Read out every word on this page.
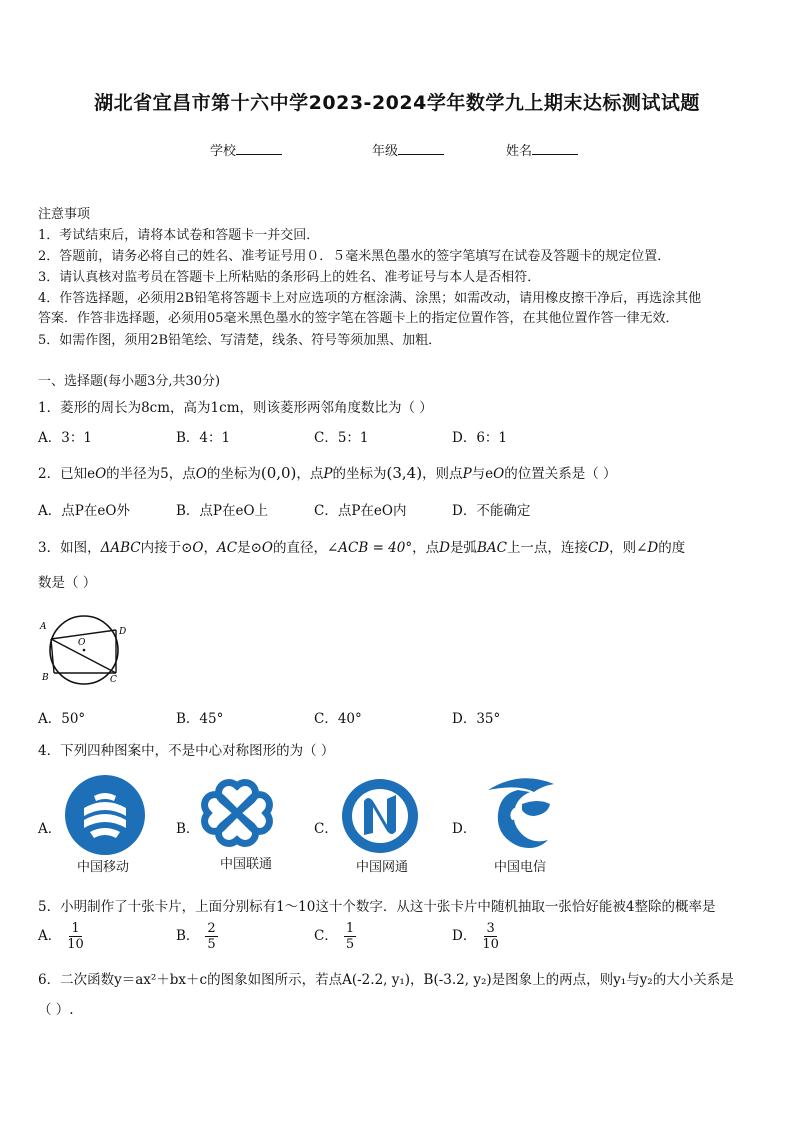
湖北省宜昌市第十六中学2023-2024学年数学九上期末达标测试试题
学校	年级	姓名
注意事项
1．考试结束后，请将本试卷和答题卡一并交回．
2．答题前，请务必将自己的姓名、准考证号用０．５毫米黑色墨水的签字笔填写在试卷及答题卡的规定位置．
3．请认真核对监考员在答题卡上所粘贴的条形码上的姓名、准考证号与本人是否相符．
4．作答选择题，必须用2B铅笔将答题卡上对应选项的方框涂满、涂黑；如需改动，请用橡皮擦干净后，再选涂其他
答案．作答非选择题，必须用05毫米黑色墨水的签字笔在答题卡上的指定位置作答，在其他位置作答一律无效．
5．如需作图，须用2B铅笔绘、写清楚，线条、符号等须加黑、加粗．
一、选择题(每小题3分,共30分)
1．菱形的周长为8cm，高为1cm，则该菱形两邻角度数比为（ ）
A．3：1	B．4：1	C．5：1	D．6：1
2．已知eO的半径为5，点O的坐标为(0,0)，点P的坐标为(3,4)，则点P与eO的位置关系是（ ）
A．点P在eO外	B．点P在eO上	C．点P在eO内	D．不能确定
3．如图，ΔABC内接于⊙O，AC是⊙O的直径，∠ACB = 40°，点D是弧BAC上一点，连接CD，则∠D的度
数是（ ）
A
O
D
B	C
A．50°	B．45°	C．40°	D．35°
4．下列四种图案中，不是中心对称图形的为（ ）
A．	B．	C．	D．
中国移动	中国联通	中国网通	中国电信
5．小明制作了十张卡片，上面分别标有1～10这十个数字．从这十张卡片中随机抽取一张恰好能被4整除的概率是
A． $\frac{1}{10}$	B． $\frac{2}{5}$	C． $\frac{1}{5}$	D． $\frac{3}{10}$
6．二次函数y＝ax²＋bx＋c的图象如图所示，若点A(-2.2, y₁)，B(-3.2, y₂)是图象上的两点，则y₁与y₂的大小关系是
（ ）.
